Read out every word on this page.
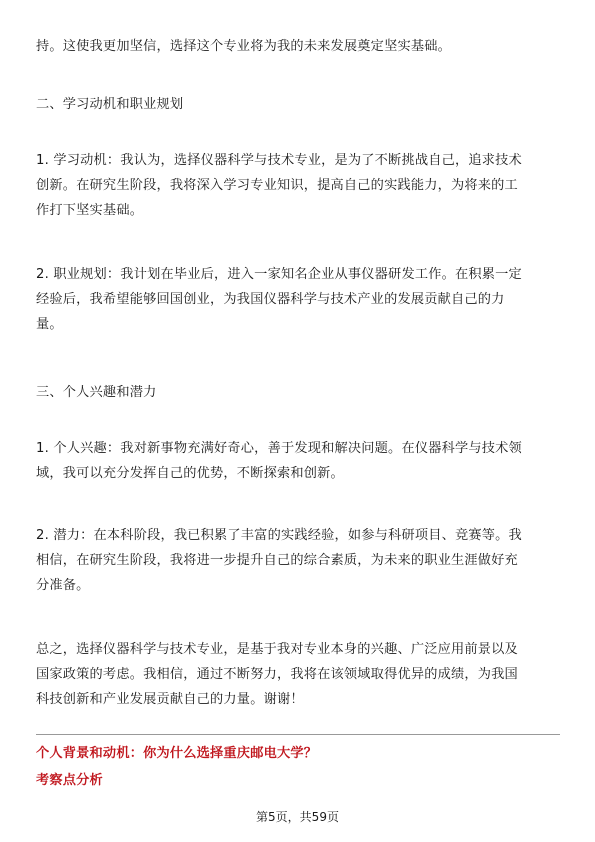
持。这使我更加坚信，选择这个专业将为我的未来发展奠定坚实基础。

二、学习动机和职业规划

1. 学习动机：我认为，选择仪器科学与技术专业，是为了不断挑战自己，追求技术
创新。在研究生阶段，我将深入学习专业知识，提高自己的实践能力，为将来的工
作打下坚实基础。

2. 职业规划：我计划在毕业后，进入一家知名企业从事仪器研发工作。在积累一定
经验后，我希望能够回国创业，为我国仪器科学与技术产业的发展贡献自己的力
量。

三、个人兴趣和潜力

1. 个人兴趣：我对新事物充满好奇心，善于发现和解决问题。在仪器科学与技术领
域，我可以充分发挥自己的优势，不断探索和创新。

2. 潜力：在本科阶段，我已积累了丰富的实践经验，如参与科研项目、竞赛等。我
相信，在研究生阶段，我将进一步提升自己的综合素质，为未来的职业生涯做好充
分准备。

总之，选择仪器科学与技术专业，是基于我对专业本身的兴趣、广泛应用前景以及
国家政策的考虑。我相信，通过不断努力，我将在该领域取得优异的成绩，为我国
科技创新和产业发展贡献自己的力量。谢谢！

个人背景和动机：你为什么选择重庆邮电大学？
考察点分析
第5页，共59页
